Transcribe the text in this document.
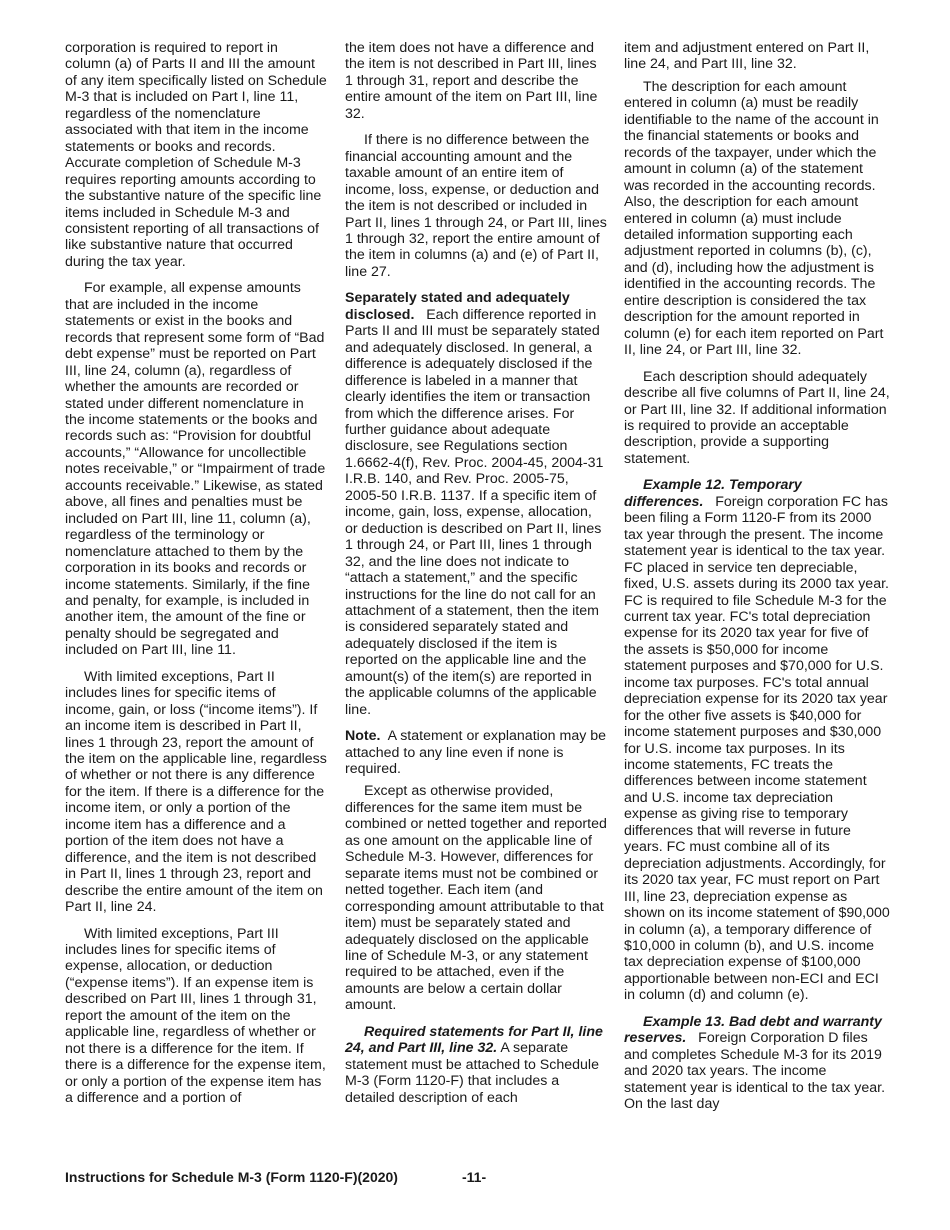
corporation is required to report in column (a) of Parts II and III the amount of any item specifically listed on Schedule M-3 that is included on Part I, line 11, regardless of the nomenclature associated with that item in the income statements or books and records. Accurate completion of Schedule M-3 requires reporting amounts according to the substantive nature of the specific line items included in Schedule M-3 and consistent reporting of all transactions of like substantive nature that occurred during the tax year.

For example, all expense amounts that are included in the income statements or exist in the books and records that represent some form of “Bad debt expense” must be reported on Part III, line 24, column (a), regardless of whether the amounts are recorded or stated under different nomenclature in the income statements or the books and records such as: “Provision for doubtful accounts,” “Allowance for uncollectible notes receivable,” or “Impairment of trade accounts receivable.” Likewise, as stated above, all fines and penalties must be included on Part III, line 11, column (a), regardless of the terminology or nomenclature attached to them by the corporation in its books and records or income statements. Similarly, if the fine and penalty, for example, is included in another item, the amount of the fine or penalty should be segregated and included on Part III, line 11.

With limited exceptions, Part II includes lines for specific items of income, gain, or loss (“income items”). If an income item is described in Part II, lines 1 through 23, report the amount of the item on the applicable line, regardless of whether or not there is any difference for the item. If there is a difference for the income item, or only a portion of the income item has a difference and a portion of the item does not have a difference, and the item is not described in Part II, lines 1 through 23, report and describe the entire amount of the item on Part II, line 24.

With limited exceptions, Part III includes lines for specific items of expense, allocation, or deduction (“expense items”). If an expense item is described on Part III, lines 1 through 31, report the amount of the item on the applicable line, regardless of whether or not there is a difference for the item. If there is a difference for the expense item, or only a portion of the expense item has a difference and a portion of

the item does not have a difference and the item is not described in Part III, lines 1 through 31, report and describe the entire amount of the item on Part III, line 32.

If there is no difference between the financial accounting amount and the taxable amount of an entire item of income, loss, expense, or deduction and the item is not described or included in Part II, lines 1 through 24, or Part III, lines 1 through 32, report the entire amount of the item in columns (a) and (e) of Part II, line 27.

Separately stated and adequately disclosed. Each difference reported in Parts II and III must be separately stated and adequately disclosed. In general, a difference is adequately disclosed if the difference is labeled in a manner that clearly identifies the item or transaction from which the difference arises. For further guidance about adequate disclosure, see Regulations section 1.6662-4(f), Rev. Proc. 2004-45, 2004-31 I.R.B. 140, and Rev. Proc. 2005-75, 2005-50 I.R.B. 1137. If a specific item of income, gain, loss, expense, allocation, or deduction is described on Part II, lines 1 through 24, or Part III, lines 1 through 32, and the line does not indicate to “attach a statement,” and the specific instructions for the line do not call for an attachment of a statement, then the item is considered separately stated and adequately disclosed if the item is reported on the applicable line and the amount(s) of the item(s) are reported in the applicable columns of the applicable line.

Note. A statement or explanation may be attached to any line even if none is required.

Except as otherwise provided, differences for the same item must be combined or netted together and reported as one amount on the applicable line of Schedule M-3. However, differences for separate items must not be combined or netted together. Each item (and corresponding amount attributable to that item) must be separately stated and adequately disclosed on the applicable line of Schedule M-3, or any statement required to be attached, even if the amounts are below a certain dollar amount.

Required statements for Part II, line 24, and Part III, line 32. A separate statement must be attached to Schedule M-3 (Form 1120-F) that includes a detailed description of each

item and adjustment entered on Part II, line 24, and Part III, line 32.

The description for each amount entered in column (a) must be readily identifiable to the name of the account in the financial statements or books and records of the taxpayer, under which the amount in column (a) of the statement was recorded in the accounting records. Also, the description for each amount entered in column (a) must include detailed information supporting each adjustment reported in columns (b), (c), and (d), including how the adjustment is identified in the accounting records. The entire description is considered the tax description for the amount reported in column (e) for each item reported on Part II, line 24, or Part III, line 32.

Each description should adequately describe all five columns of Part II, line 24, or Part III, line 32. If additional information is required to provide an acceptable description, provide a supporting statement.

Example 12. Temporary differences. Foreign corporation FC has been filing a Form 1120-F from its 2000 tax year through the present. The income statement year is identical to the tax year. FC placed in service ten depreciable, fixed, U.S. assets during its 2000 tax year. FC is required to file Schedule M-3 for the current tax year. FC's total depreciation expense for its 2020 tax year for five of the assets is $50,000 for income statement purposes and $70,000 for U.S. income tax purposes. FC's total annual depreciation expense for its 2020 tax year for the other five assets is $40,000 for income statement purposes and $30,000 for U.S. income tax purposes. In its income statements, FC treats the differences between income statement and U.S. income tax depreciation expense as giving rise to temporary differences that will reverse in future years. FC must combine all of its depreciation adjustments. Accordingly, for its 2020 tax year, FC must report on Part III, line 23, depreciation expense as shown on its income statement of $90,000 in column (a), a temporary difference of $10,000 in column (b), and U.S. income tax depreciation expense of $100,000 apportionable between non-ECI and ECI in column (d) and column (e).

Example 13. Bad debt and warranty reserves. Foreign Corporation D files and completes Schedule M-3 for its 2019 and 2020 tax years. The income statement year is identical to the tax year. On the last day

Instructions for Schedule M-3 (Form 1120-F)(2020)	-11-
